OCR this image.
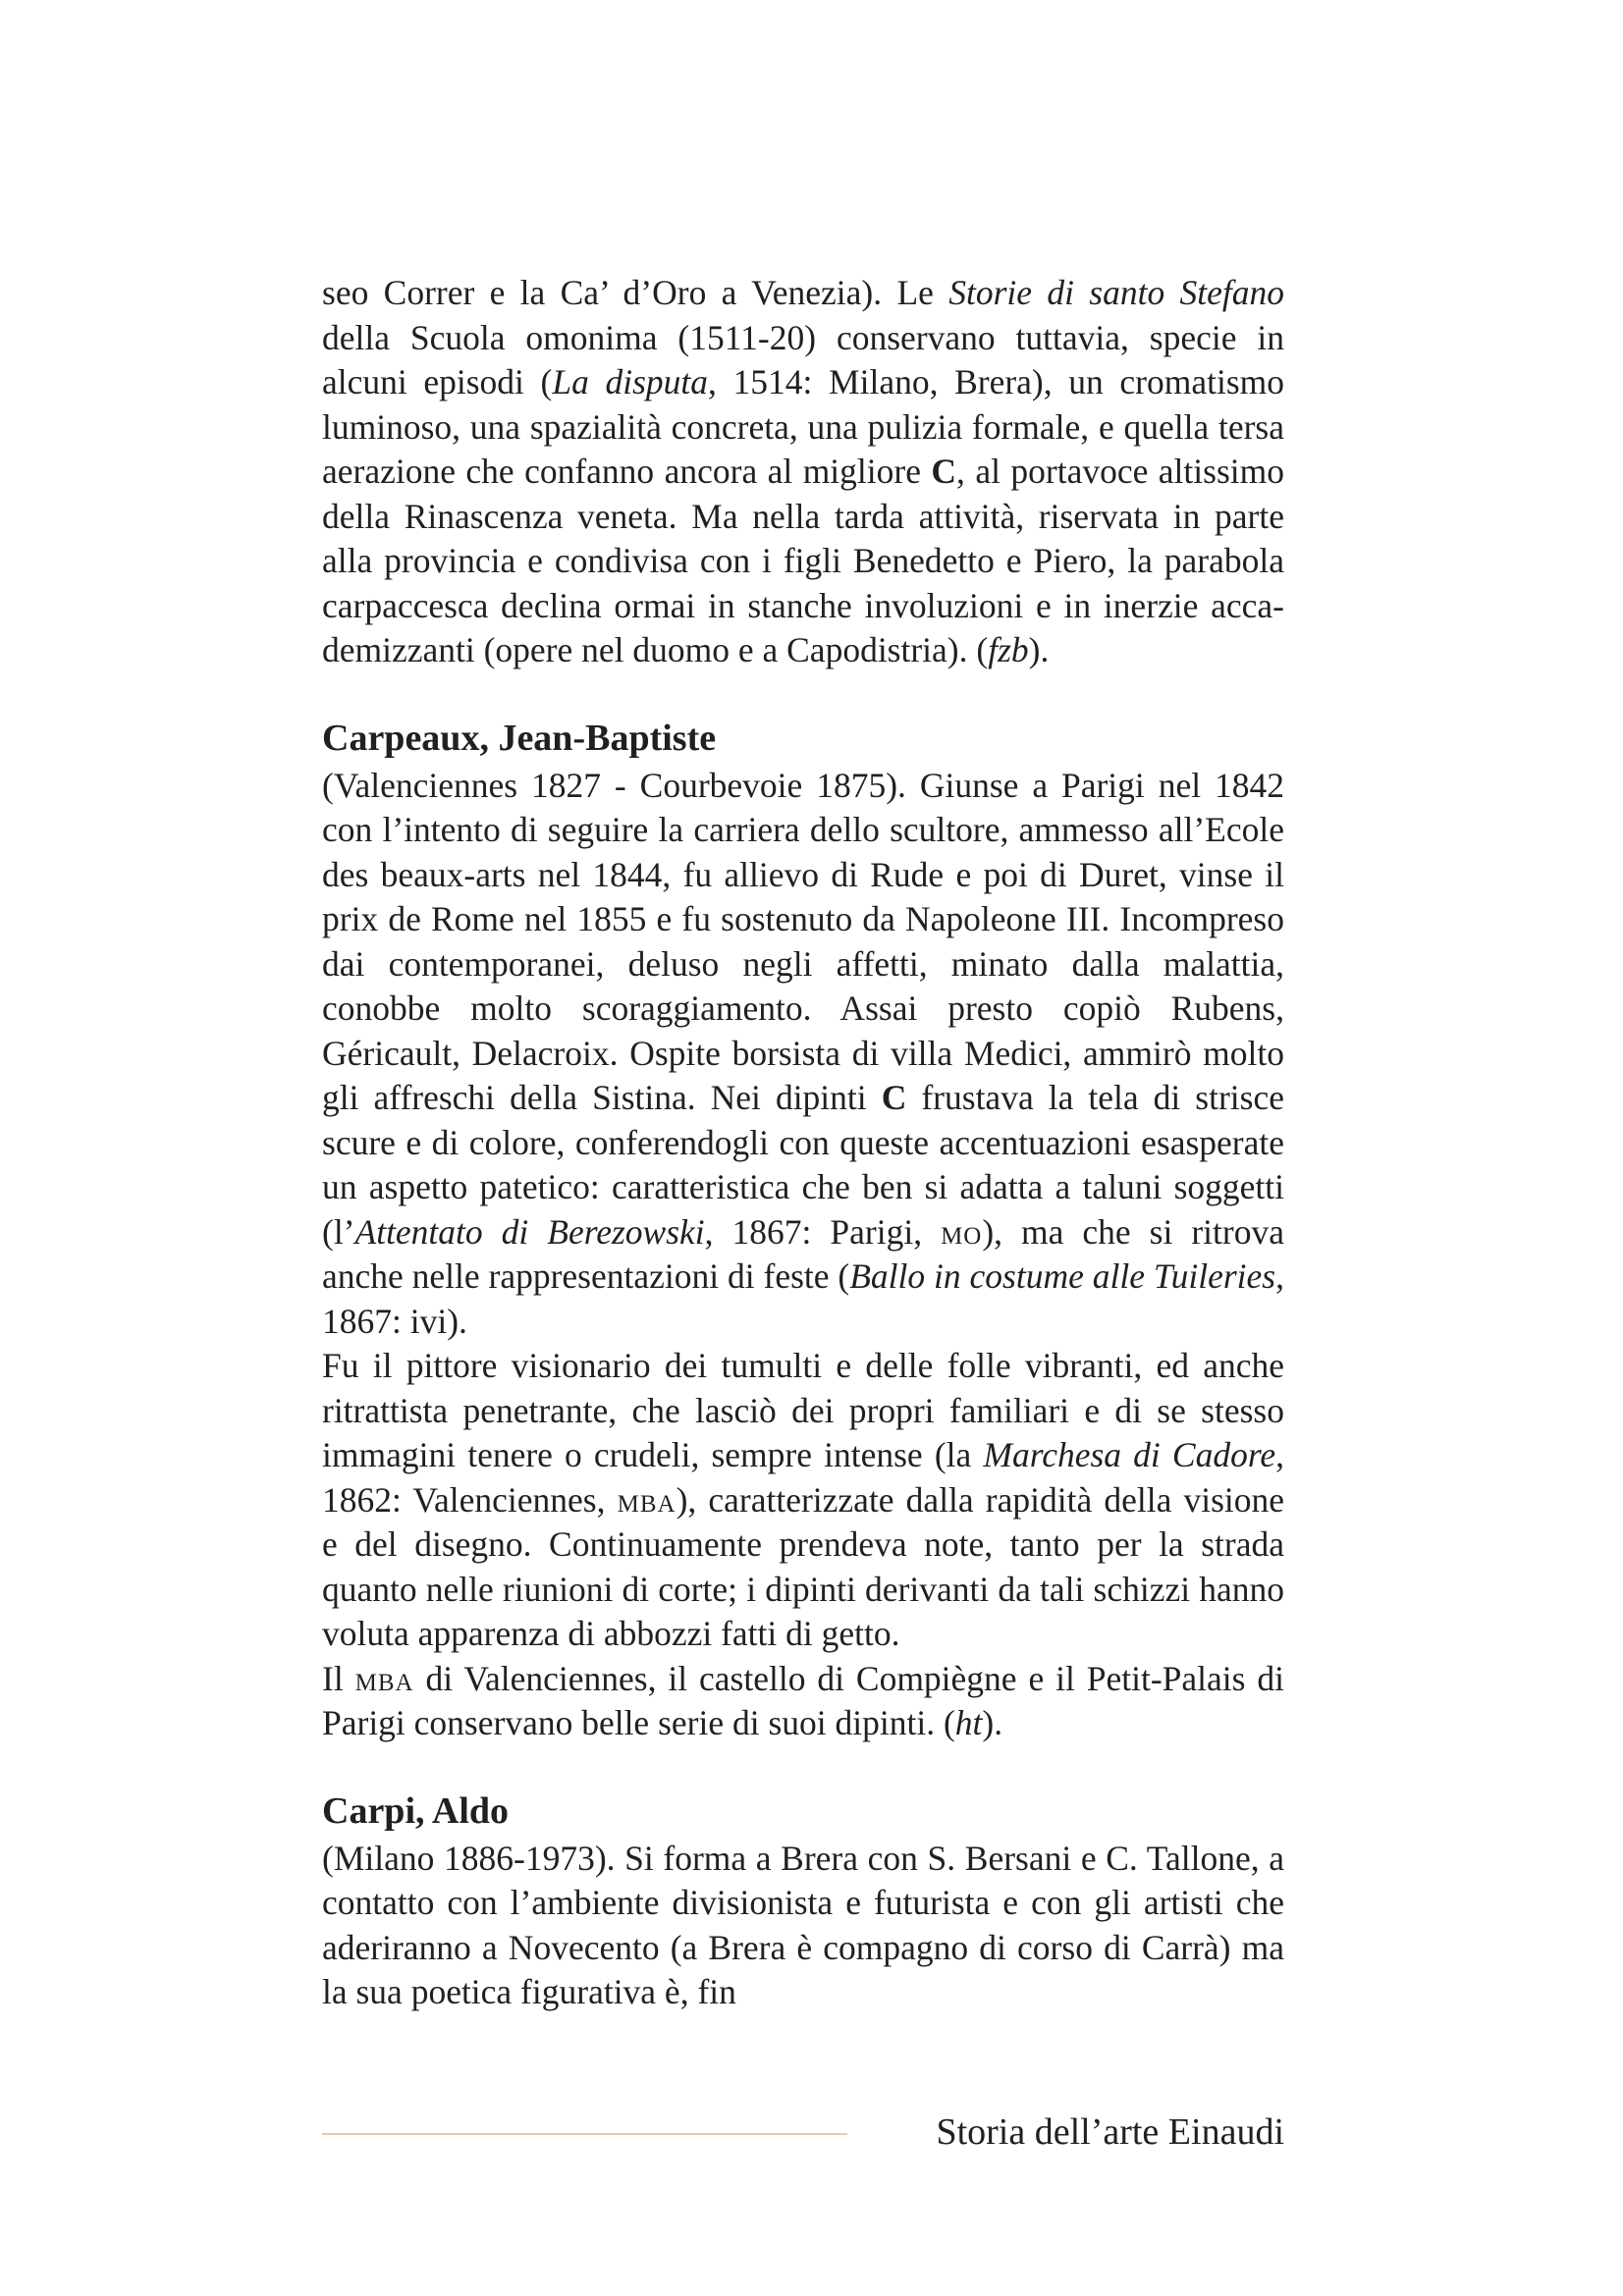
seo Correr e la Ca’ d’Oro a Venezia). Le Storie di santo Stefano della Scuola omonima (1511-20) conservano tuttavia, specie in alcuni episodi (La disputa, 1514: Milano, Brera), un cromatismo luminoso, una spazialità concreta, una pulizia formale, e quella tersa aerazione che confanno ancora al migliore C, al portavoce altissimo della Rinascenza veneta. Ma nella tarda attività, riservata in parte alla provincia e condivisa con i figli Benedetto e Piero, la parabola carpaccesca declina ormai in stanche involuzioni e in inerzie accademizzanti (opere nel duomo e a Capodistria). (fzb).

Carpeaux, Jean-Baptiste

(Valenciennes 1827 - Courbevoie 1875). Giunse a Parigi nel 1842 con l’intento di seguire la carriera dello scultore, ammesso all’Ecole des beaux-arts nel 1844, fu allievo di Rude e poi di Duret, vinse il prix de Rome nel 1855 e fu sostenuto da Napoleone III. Incompreso dai contemporanei, deluso negli affetti, minato dalla malattia, conobbe molto scoraggiamento. Assai presto copiò Rubens, Géricault, Delacroix. Ospite borsista di villa Medici, ammirò molto gli affreschi della Sistina. Nei dipinti C frustava la tela di strisce scure e di colore, conferendogli con queste accentuazioni esasperate un aspetto patetico: caratteristica che ben si adatta a taluni soggetti (l’Attentato di Berezowski, 1867: Parigi, mo), ma che si ritrova anche nelle rappresentazioni di feste (Ballo in costume alle Tuileries, 1867: ivi).

Fu il pittore visionario dei tumulti e delle folle vibranti, ed anche ritrattista penetrante, che lasciò dei propri familiari e di se stesso immagini tenere o crudeli, sempre intense (la Marchesa di Cadore, 1862: Valenciennes, mba), caratterizzate dalla rapidità della visione e del disegno. Continuamente prendeva note, tanto per la strada quanto nelle riunioni di corte; i dipinti derivanti da tali schizzi hanno voluta apparenza di abbozzi fatti di getto.

Il mba di Valenciennes, il castello di Compiègne e il Petit-Palais di Parigi conservano belle serie di suoi dipinti. (ht).

Carpi, Aldo

(Milano 1886-1973). Si forma a Brera con S. Bersani e C. Tallone, a contatto con l’ambiente divisionista e futurista e con gli artisti che aderiranno a Novecento (a Brera è compagno di corso di Carrà) ma la sua poetica figurativa è, fin

Storia dell’arte Einaudi
